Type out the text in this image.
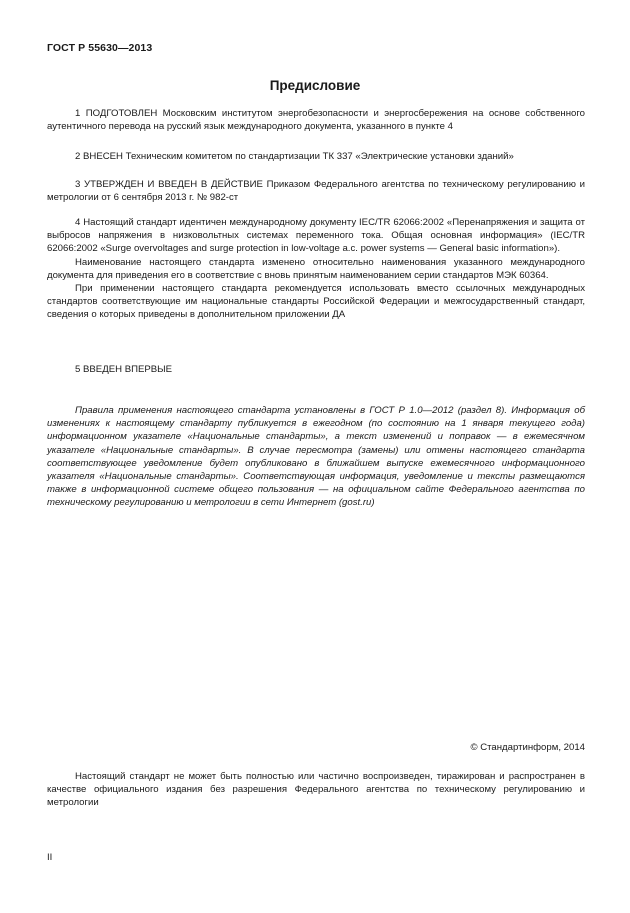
ГОСТ Р 55630—2013
Предисловие

1 ПОДГОТОВЛЕН Московским институтом энергобезопасности и энергосбережения на основе собственного аутентичного перевода на русский язык международного документа, указанного в пункте 4

2 ВНЕСЕН Техническим комитетом по стандартизации ТК 337 «Электрические установки зданий»

3 УТВЕРЖДЕН И ВВЕДЕН В ДЕЙСТВИЕ Приказом Федерального агентства по техническому регулированию и метрологии от 6 сентября 2013 г. № 982-ст

4 Настоящий стандарт идентичен международному документу IEC/TR 62066:2002 «Перенапряжения и защита от выбросов напряжения в низковольтных системах переменного тока. Общая основная информация» (IEC/TR 62066:2002 «Surge overvoltages and surge protection in low-voltage a.c. power systems — General basic information»).

Наименование настоящего стандарта изменено относительно наименования указанного международного документа для приведения его в соответствие с вновь принятым наименованием серии стандартов МЭК 60364.

При применении настоящего стандарта рекомендуется использовать вместо ссылочных международных стандартов соответствующие им национальные стандарты Российской Федерации и межгосударственный стандарт, сведения о которых приведены в дополнительном приложении ДА

5 ВВЕДЕН ВПЕРВЫЕ

Правила применения настоящего стандарта установлены в ГОСТ Р 1.0—2012 (раздел 8). Информация об изменениях к настоящему стандарту публикуется в ежегодном (по состоянию на 1 января текущего года) информационном указателе «Национальные стандарты», а текст изменений и поправок — в ежемесячном указателе «Национальные стандарты». В случае пересмотра (замены) или отмены настоящего стандарта соответствующее уведомление будет опубликовано в ближайшем выпуске ежемесячного информационного указателя «Национальные стандарты». Соответствующая информация, уведомление и тексты размещаются также в информационной системе общего пользования — на официальном сайте Федерального агентства по техническому регулированию и метрологии в сети Интернет (gost.ru)

© Стандартинформ, 2014

Настоящий стандарт не может быть полностью или частично воспроизведен, тиражирован и распространен в качестве официального издания без разрешения Федерального агентства по техническому регулированию и метрологии

II
